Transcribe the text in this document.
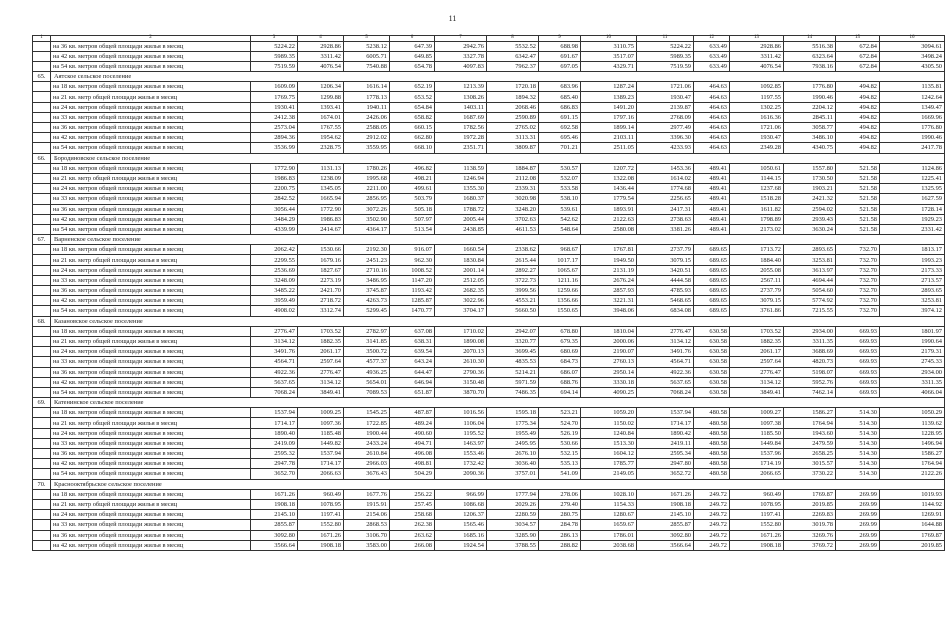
11
1	2	3	4	5	6	7	8	9	10	11	12	13	14	15	16
	на 36 кв. метров общей площади жилья в месяц	5224.22	2928.86	5238.12	647.39	2942.76	5532.52	688.98	3110.75	5224.22	633.49	2928.86	5516.38	672.84	3094.61
	на 42 кв. метров общей площади жилья в месяц	5989.35	3311.42	6005.71	649.85	3327.78	6342.47	691.67	3517.07	5989.35	633.49	3311.42	6323.64	672.84	3498.24
	на 54 кв. метров общей площади жилья в месяц	7519.59	4076.54	7540.88	654.78	4097.83	7962.37	697.05	4329.71	7519.59	633.49	4076.54	7938.16	672.84	4305.50
65.	Аятское сельское поселение														
	на 18 кв. метров общей площади жилья в месяц	1609.09	1206.34	1616.14	652.19	1213.39	1720.18	683.96	1287.24	1721.06	464.63	1092.85	1776.80	494.82	1135.81
	на 21 кв. метр общей площади жилья в месяц	1769.75	1299.88	1778.13	653.52	1308.26	1894.32	685.40	1389.23	1930.47	464.63	1197.55	1990.46	494.82	1242.64
	на 24 кв. метров общей площади жилья в месяц	1930.41	1393.41	1940.11	654.84	1403.11	2068.46	686.83	1491.20	2139.87	464.63	1302.25	2204.12	494.82	1349.47
	на 33 кв. метров общей площади жилья в месяц	2412.38	1674.01	2426.06	658.82	1687.69	2590.89	691.15	1797.16	2768.09	464.63	1616.36	2845.11	494.82	1669.96
	на 36 кв. метров общей площади жилья в месяц	2573.04	1767.55	2588.05	660.15	1782.56	2765.02	692.58	1899.14	2977.49	464.63	1721.06	3058.77	494.82	1776.80
	на 42 кв. метров общей площади жилья в месяц	2894.36	1954.62	2912.02	662.80	1972.28	3113.31	695.46	2103.11	3396.30	464.63	1930.47	3486.10	494.82	1990.46
	на 54 кв. метров общей площади жилья в месяц	3536.99	2328.75	3559.95	668.10	2351.71	3809.87	701.21	2511.05	4233.93	464.63	2349.28	4340.75	494.82	2417.78
66.	Бородиновское сельское поселение														
	на 18 кв. метров общей площади жилья в месяц	1772.90	1131.13	1780.26	496.82	1138.59	1884.87	530.57	1207.72	1453.36	489.41	1050.61	1557.80	521.58	1124.86
	на 21 кв. метр общей площади жилья в месяц	1986.83	1238.09	1995.68	498.21	1246.94	2112.08	532.07	1322.08	1614.02	489.41	1144.15	1730.50	521.58	1225.41
	на 24 кв. метров общей площади жилья в месяц	2200.75	1345.05	2211.00	499.61	1355.30	2339.31	533.58	1436.44	1774.68	489.41	1237.68	1903.21	521.58	1325.95
	на 33 кв. метров общей площади жилья в месяц	2842.52	1665.94	2856.95	503.79	1680.37	3020.98	538.10	1779.54	2256.65	489.41	1518.28	2421.32	521.58	1627.59
	на 36 кв. метров общей площади жилья в месяц	3056.44	1772.90	3072.26	505.18	1788.72	3248.20	539.61	1893.91	2417.31	489.41	1611.82	2594.02	521.58	1728.14
	на 42 кв. метров общей площади жилья в месяц	3484.29	1986.83	3502.90	507.97	2005.44	3702.63	542.62	2122.63	2738.63	489.41	1798.89	2939.43	521.58	1929.23
	на 54 кв. метров общей площади жилья в месяц	4339.99	2414.67	4364.17	513.54	2438.85	4611.53	548.64	2580.08	3381.26	489.41	2173.02	3630.24	521.58	2331.42
67.	Варненское сельское поселение														
	на 18 кв. метров общей площади жилья в месяц	2062.42	1530.66	2192.30	916.07	1660.54	2338.62	968.67	1767.81	2737.79	689.65	1713.72	2893.65	732.70	1813.17
	на 21 кв. метр общей площади жилья в месяц	2299.55	1679.16	2451.23	962.30	1830.84	2615.44	1017.17	1949.50	3079.15	689.65	1884.40	3253.81	732.70	1993.23
	на 24 кв. метров общей площади жилья в месяц	2536.69	1827.67	2710.16	1008.52	2001.14	2892.27	1065.67	2131.19	3420.51	689.65	2055.08	3613.97	732.70	2173.33
	на 33 кв. метров общей площади жилья в месяц	3248.09	2273.19	3486.95	1147.20	2512.05	3722.73	1211.16	2676.24	4444.58	689.65	2567.11	4694.44	732.70	2713.57
	на 36 кв. метров общей площади жилья в месяц	3485.22	2421.70	3745.87	1193.42	2682.35	3999.56	1259.66	2857.93	4785.93	689.65	2737.79	5054.60	732.70	2893.65
	на 42 кв. метров общей площади жилья в месяц	3959.49	2718.72	4263.73	1285.87	3022.96	4553.21	1356.66	3221.31	5468.65	689.65	3079.15	5774.92	732.70	3253.81
	на 54 кв. метров общей площади жилья в месяц	4908.02	3312.74	5299.45	1470.77	3704.17	5660.50	1550.65	3948.06	6834.08	689.65	3761.86	7215.55	732.70	3974.12
68.	Казановское сельское поселение														
	на 18 кв. метров общей площади жилья в месяц	2776.47	1703.52	2782.97	637.08	1710.02	2942.07	678.80	1810.04	2776.47	630.58	1703.52	2934.00	669.93	1801.97
	на 21 кв. метр общей площади жилья в месяц	3134.12	1882.35	3141.85	638.31	1890.08	3320.77	679.35	2000.06	3134.12	630.58	1882.35	3311.35	669.93	1990.64
	на 24 кв. метров общей площади жилья в месяц	3491.76	2061.17	3500.72	639.54	2070.13	3699.45	680.69	2190.07	3491.76	630.58	2061.17	3688.69	669.93	2179.31
	на 33 кв. метров общей площади жилья в месяц	4564.71	2597.64	4577.37	643.24	2610.30	4835.53	684.73	2760.13	4564.71	630.58	2597.64	4820.73	669.93	2745.33
	на 36 кв. метров общей площади жилья в месяц	4922.36	2776.47	4936.25	644.47	2790.36	5214.21	686.07	2950.14	4922.36	630.58	2776.47	5198.07	669.93	2934.00
	на 42 кв. метров общей площади жилья в месяц	5637.65	3134.12	5654.01	646.94	3150.48	5971.59	688.76	3330.18	5637.65	630.58	3134.12	5952.76	669.93	3311.35
	на 54 кв. метров общей площади жилья в месяц	7068.24	3849.41	7089.53	651.87	3870.70	7486.35	694.14	4090.25	7068.24	630.58	3849.41	7462.14	669.93	4066.04
69.	Катенинское сельское поселение														
	на 18 кв. метров общей площади жилья в месяц	1537.94	1009.25	1545.25	487.87	1016.56	1595.18	523.21	1059.20	1537.94	480.58	1009.27	1586.27	514.30	1050.29
	на 21 кв. метр общей площади жилья в месяц	1714.17	1097.36	1722.85	489.24	1106.04	1775.34	524.70	1150.02	1714.17	480.58	1097.38	1764.94	514.30	1139.62
	на 24 кв. метров общей площади жилья в месяц	1890.40	1185.48	1900.44	490.60	1195.52	1955.49	526.19	1240.84	1890.42	480.58	1185.50	1943.60	514.30	1228.95
	на 33 кв. метров общей площади жилья в месяц	2419.09	1449.82	2433.24	494.71	1463.97	2495.95	530.66	1513.30	2419.11	480.58	1449.84	2479.59	514.30	1496.94
	на 36 кв. метров общей площади жилья в месяц	2595.32	1537.94	2610.84	496.08	1553.46	2676.10	532.15	1604.12	2595.34	480.58	1537.96	2658.25	514.30	1586.27
	на 42 кв. метров общей площади жилья в месяц	2947.78	1714.17	2966.03	498.81	1732.42	3036.40	535.13	1785.77	2947.80	480.58	1714.19	3015.57	514.30	1764.94
	на 54 кв. метров общей площади жилья в месяц	3652.70	2066.63	3676.43	504.29	2090.36	3757.01	541.09	2149.05	3652.72	480.58	2066.65	3730.22	514.30	2122.26
70.	Краснооктябрьское сельское поселение														
	на 18 кв. метров общей площади жилья в месяц	1671.26	960.49	1677.76	256.22	966.99	1777.94	278.06	1028.10	1671.26	249.72	960.49	1769.87	269.99	1019.93
	на 21 кв. метр общей площади жилья в месяц	1908.18	1078.95	1915.91	257.45	1086.68	2029.26	279.40	1154.33	1908.18	249.72	1078.95	2019.85	269.99	1144.92
	на 24 кв. метров общей площади жилья в месяц	2145.10	1197.41	2154.06	258.68	1206.37	2280.59	280.75	1280.67	2145.10	249.72	1197.41	2269.83	269.99	1269.91
	на 33 кв. метров общей площади жилья в месяц	2855.87	1552.80	2868.53	262.38	1565.46	3034.57	284.78	1659.67	2855.87	249.72	1552.80	3019.78	269.99	1644.88
	на 36 кв. метров общей площади жилья в месяц	3092.80	1671.26	3106.70	263.62	1685.16	3285.90	286.13	1786.01	3092.80	249.72	1671.26	3269.76	269.99	1769.87
	на 42 кв. метров общей площади жилья в месяц	3566.64	1908.18	3583.00	266.08	1924.54	3788.55	288.82	2038.68	3566.64	249.72	1908.18	3769.72	269.99	2019.85
